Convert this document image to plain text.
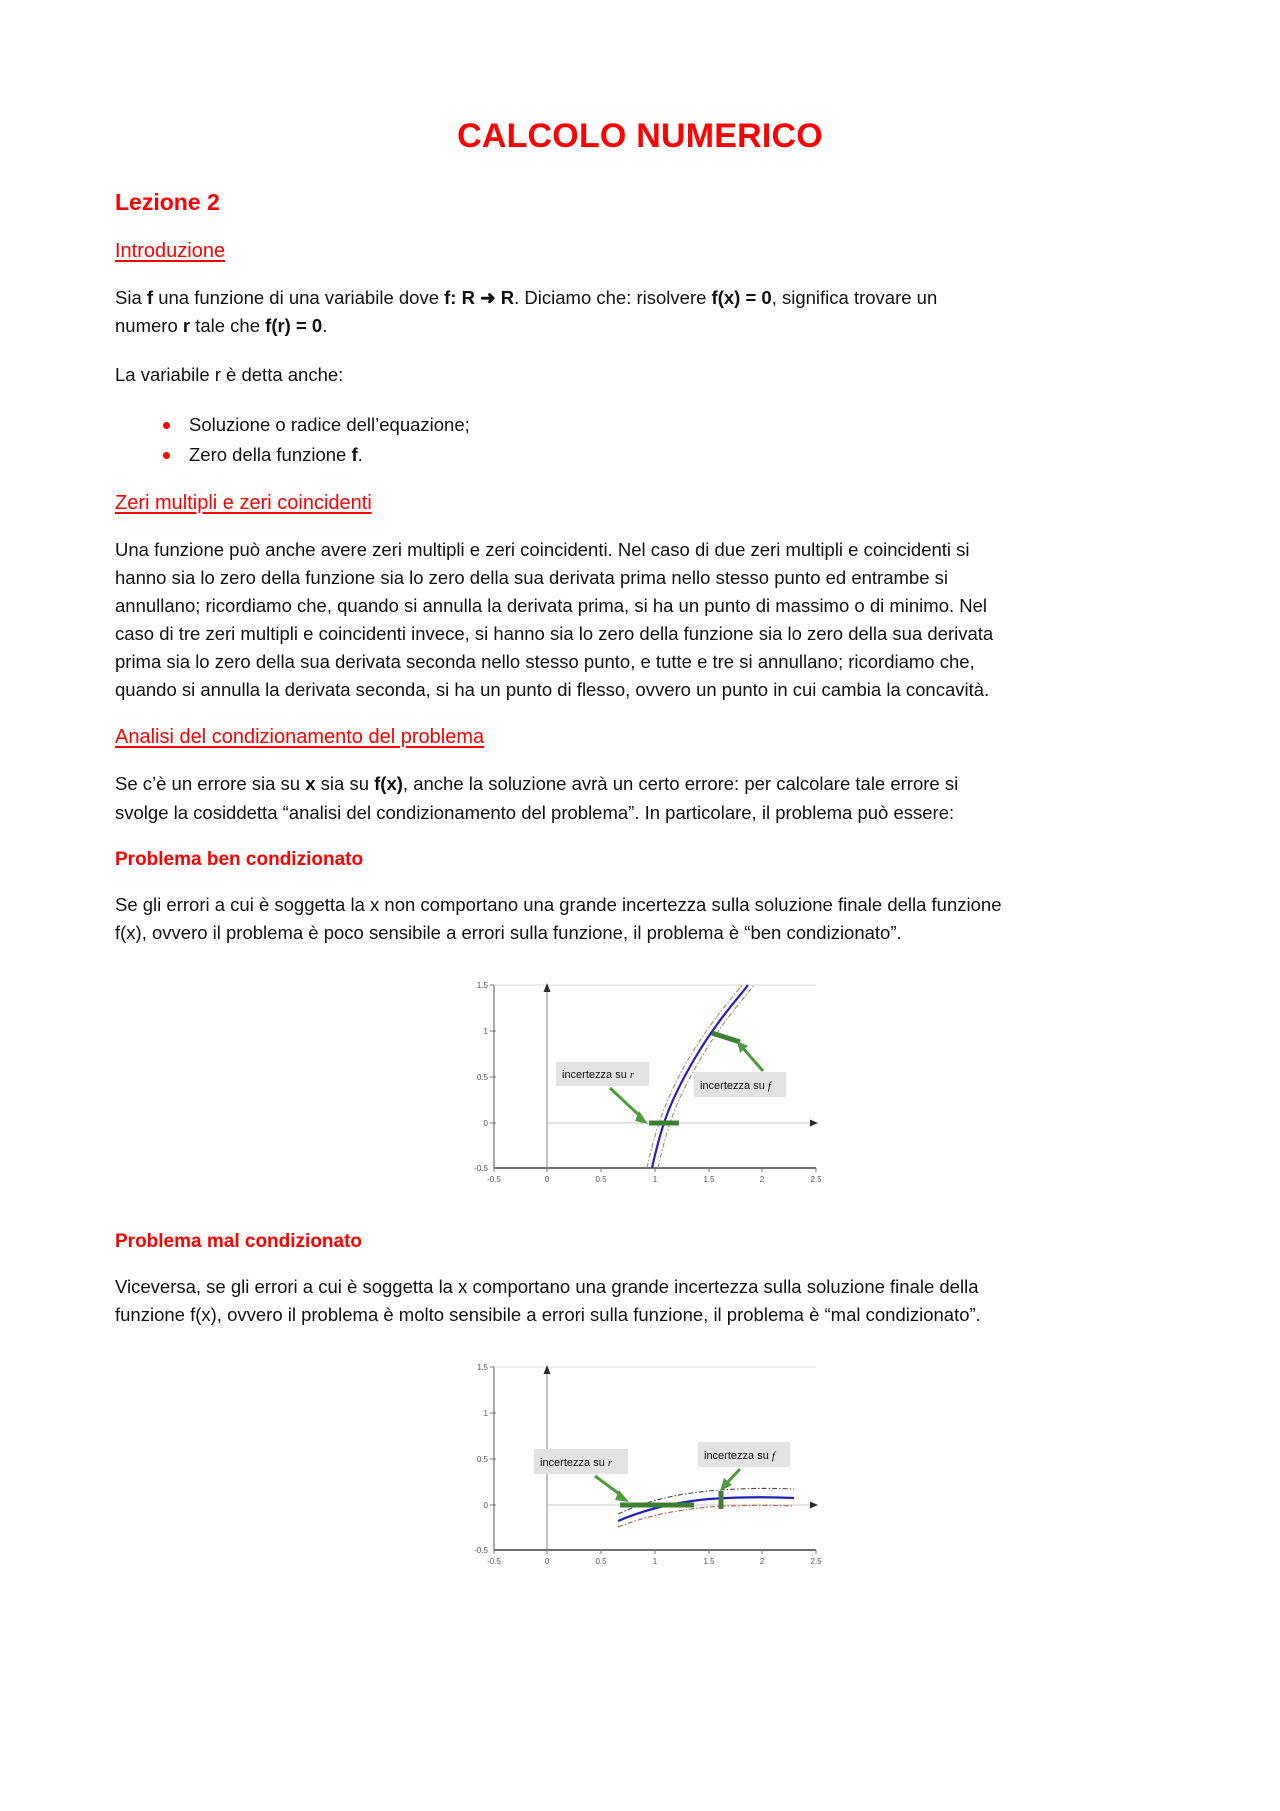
CALCOLO NUMERICO
Lezione 2
Introduzione

Sia f una funzione di una variabile dove f: R ➜ R. Diciamo che: risolvere f(x) = 0, significa trovare un numero r tale che f(r) = 0.

La variabile r è detta anche:

Soluzione o radice dell’equazione;
Zero della funzione f.
Zeri multipli e zeri coincidenti

Una funzione può anche avere zeri multipli e zeri coincidenti. Nel caso di due zeri multipli e coincidenti si hanno sia lo zero della funzione sia lo zero della sua derivata prima nello stesso punto ed entrambe si annullano; ricordiamo che, quando si annulla la derivata prima, si ha un punto di massimo o di minimo. Nel caso di tre zeri multipli e coincidenti invece, si hanno sia lo zero della funzione sia lo zero della sua derivata prima sia lo zero della sua derivata seconda nello stesso punto, e tutte e tre si annullano; ricordiamo che, quando si annulla la derivata seconda, si ha un punto di flesso, ovvero un punto in cui cambia la concavità.

Analisi del condizionamento del problema

Se c’è un errore sia su x sia su f(x), anche la soluzione avrà un certo errore: per calcolare tale errore si svolge la cosiddetta “analisi del condizionamento del problema”. In particolare, il problema può essere:

Problema ben condizionato

Se gli errori a cui è soggetta la x non comportano una grande incertezza sulla soluzione finale della funzione f(x), ovvero il problema è poco sensibile a errori sulla funzione, il problema è “ben condizionato”.

1.5
1
0.5
0
-0.5
-0.5	0	0.5	1	1.5	2	2.5
incertezza su r
incertezza su f
Problema mal condizionato

Viceversa, se gli errori a cui è soggetta la x comportano una grande incertezza sulla soluzione finale della funzione f(x), ovvero il problema è molto sensibile a errori sulla funzione, il problema è “mal condizionato”.

1.5
1
0.5
0
-0.5
-0.5	0	0.5	1	1.5	2	2.5
incertezza su r
incertezza su f
